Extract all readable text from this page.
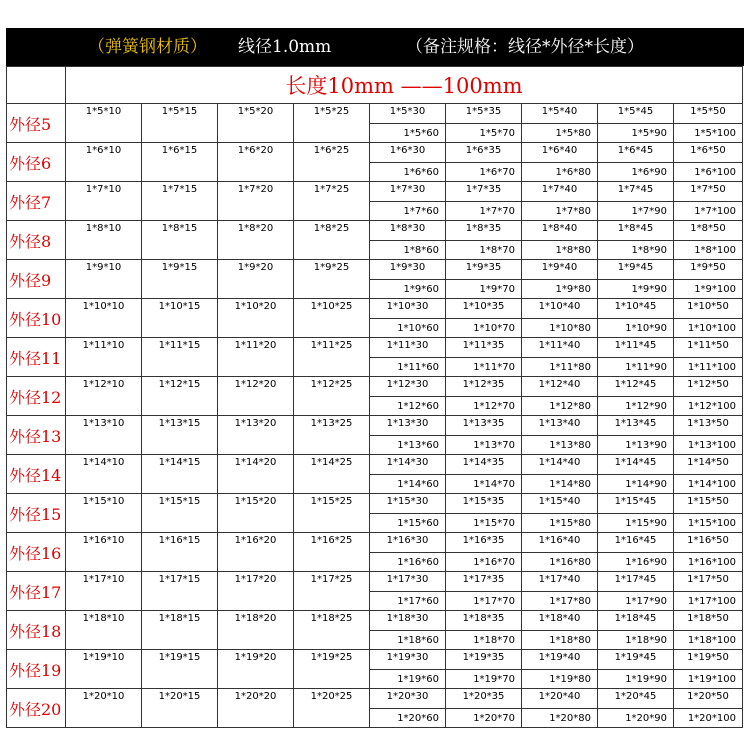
（弹簧钢材质） 线径1.0mm	（备注规格：线径*外径*长度）
	长度10mm ——100mm								
外径5	1*5*10	1*5*15	1*5*20	1*5*25	1*5*30	1*5*35	1*5*40	1*5*45	1*5*50
					1*5*60	1*5*70	1*5*80	1*5*90	1*5*100
外径6	1*6*10	1*6*15	1*6*20	1*6*25	1*6*30	1*6*35	1*6*40	1*6*45	1*6*50
					1*6*60	1*6*70	1*6*80	1*6*90	1*6*100
外径7	1*7*10	1*7*15	1*7*20	1*7*25	1*7*30	1*7*35	1*7*40	1*7*45	1*7*50
					1*7*60	1*7*70	1*7*80	1*7*90	1*7*100
外径8	1*8*10	1*8*15	1*8*20	1*8*25	1*8*30	1*8*35	1*8*40	1*8*45	1*8*50
					1*8*60	1*8*70	1*8*80	1*8*90	1*8*100
外径9	1*9*10	1*9*15	1*9*20	1*9*25	1*9*30	1*9*35	1*9*40	1*9*45	1*9*50
					1*9*60	1*9*70	1*9*80	1*9*90	1*9*100
外径10	1*10*10	1*10*15	1*10*20	1*10*25	1*10*30	1*10*35	1*10*40	1*10*45	1*10*50
					1*10*60	1*10*70	1*10*80	1*10*90	1*10*100
外径11	1*11*10	1*11*15	1*11*20	1*11*25	1*11*30	1*11*35	1*11*40	1*11*45	1*11*50
					1*11*60	1*11*70	1*11*80	1*11*90	1*11*100
外径12	1*12*10	1*12*15	1*12*20	1*12*25	1*12*30	1*12*35	1*12*40	1*12*45	1*12*50
					1*12*60	1*12*70	1*12*80	1*12*90	1*12*100
外径13	1*13*10	1*13*15	1*13*20	1*13*25	1*13*30	1*13*35	1*13*40	1*13*45	1*13*50
					1*13*60	1*13*70	1*13*80	1*13*90	1*13*100
外径14	1*14*10	1*14*15	1*14*20	1*14*25	1*14*30	1*14*35	1*14*40	1*14*45	1*14*50
					1*14*60	1*14*70	1*14*80	1*14*90	1*14*100
外径15	1*15*10	1*15*15	1*15*20	1*15*25	1*15*30	1*15*35	1*15*40	1*15*45	1*15*50
					1*15*60	1*15*70	1*15*80	1*15*90	1*15*100
外径16	1*16*10	1*16*15	1*16*20	1*16*25	1*16*30	1*16*35	1*16*40	1*16*45	1*16*50
					1*16*60	1*16*70	1*16*80	1*16*90	1*16*100
外径17	1*17*10	1*17*15	1*17*20	1*17*25	1*17*30	1*17*35	1*17*40	1*17*45	1*17*50
					1*17*60	1*17*70	1*17*80	1*17*90	1*17*100
外径18	1*18*10	1*18*15	1*18*20	1*18*25	1*18*30	1*18*35	1*18*40	1*18*45	1*18*50
					1*18*60	1*18*70	1*18*80	1*18*90	1*18*100
外径19	1*19*10	1*19*15	1*19*20	1*19*25	1*19*30	1*19*35	1*19*40	1*19*45	1*19*50
					1*19*60	1*19*70	1*19*80	1*19*90	1*19*100
外径20	1*20*10	1*20*15	1*20*20	1*20*25	1*20*30	1*20*35	1*20*40	1*20*45	1*20*50
					1*20*60	1*20*70	1*20*80	1*20*90	1*20*100
